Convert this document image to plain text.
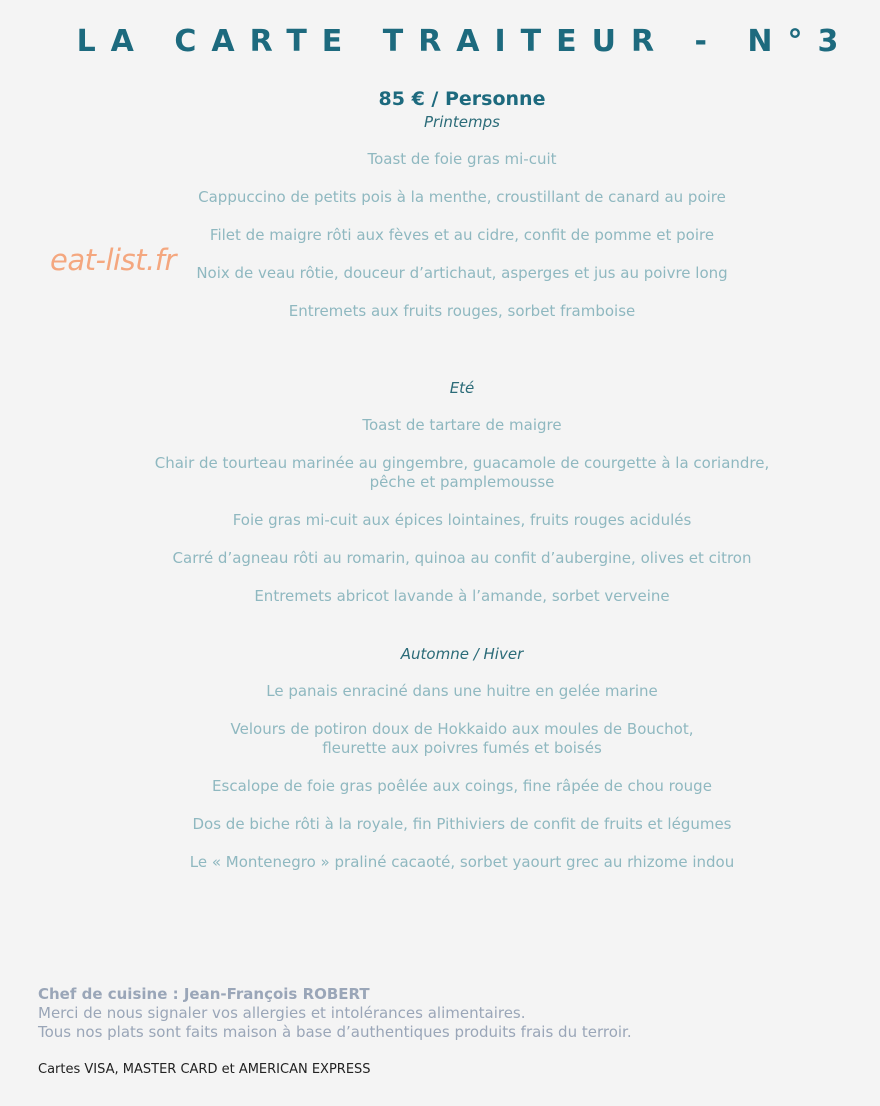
LA CARTE TRAITEUR - N°3
85 € / Personne
eat-list.fr
Printemps
Toast de foie gras mi-cuit
Cappuccino de petits pois à la menthe, croustillant de canard au poire
Filet de maigre rôti aux fèves et au cidre, confit de pomme et poire
Noix de veau rôtie, douceur d’artichaut, asperges et jus au poivre long
Entremets aux fruits rouges, sorbet framboise
Eté
Toast de tartare de maigre
Chair de tourteau marinée au gingembre, guacamole de courgette à la coriandre,
pêche et pamplemousse
Foie gras mi-cuit aux épices lointaines, fruits rouges acidulés
Carré d’agneau rôti au romarin, quinoa au confit d’aubergine, olives et citron
Entremets abricot lavande à l’amande, sorbet verveine
Automne / Hiver
Le panais enraciné dans une huitre en gelée marine
Velours de potiron doux de Hokkaido aux moules de Bouchot,
fleurette aux poivres fumés et boisés
Escalope de foie gras poêlée aux coings, fine râpée de chou rouge
Dos de biche rôti à la royale, fin Pithiviers de confit de fruits et légumes
Le « Montenegro » praliné cacaoté, sorbet yaourt grec au rhizome indou
Chef de cuisine : Jean-François ROBERT
Merci de nous signaler vos allergies et intolérances alimentaires.
Tous nos plats sont faits maison à base d’authentiques produits frais du terroir.
Cartes VISA, MASTER CARD et AMERICAN EXPRESS
